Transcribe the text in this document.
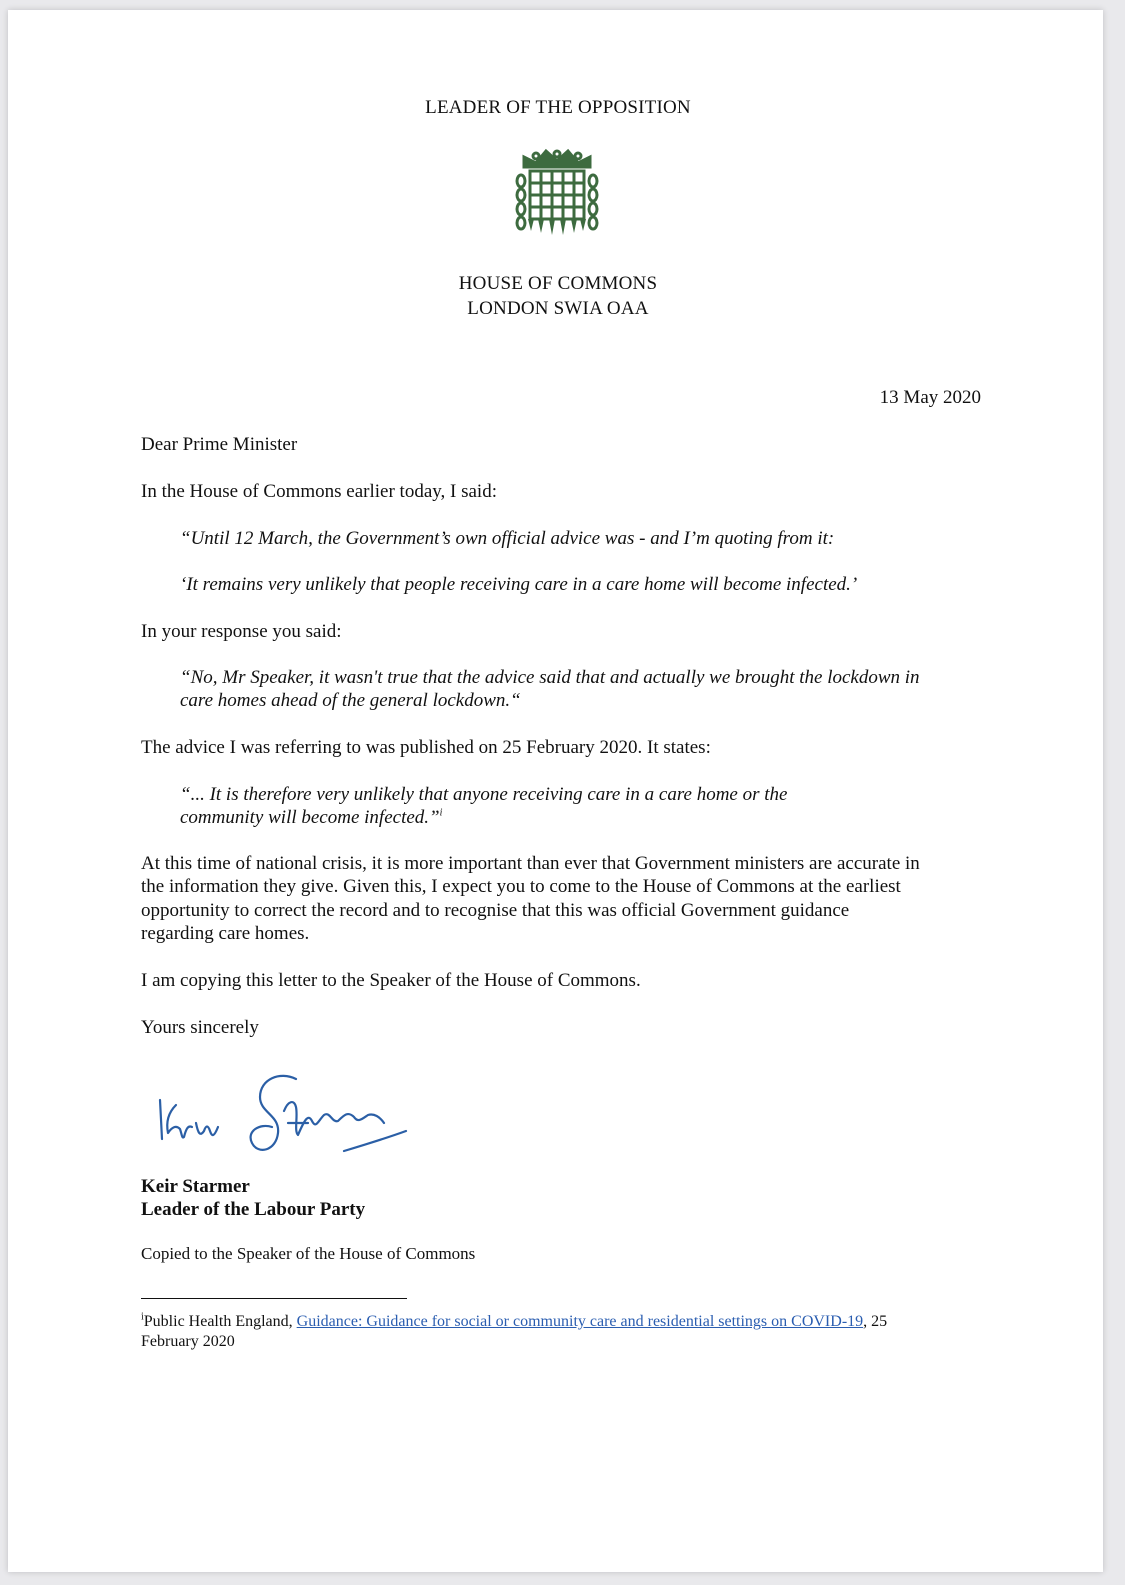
LEADER OF THE OPPOSITION
HOUSE OF COMMONS
LONDON SWIA OAA
13 May 2020
Dear Prime Minister
In the House of Commons earlier today, I said:
“Until 12 March, the Government’s own official advice was - and I’m quoting from it:
‘It remains very unlikely that people receiving care in a care home will become infected.’
In your response you said:
“No, Mr Speaker, it wasn't true that the advice said that and actually we brought the lockdown in
care homes ahead of the general lockdown.“
The advice I was referring to was published on 25 February 2020. It states:
“... It is therefore very unlikely that anyone receiving care in a care home or the
community will become infected.”$^i$
At this time of national crisis, it is more important than ever that Government ministers are accurate in
the information they give. Given this, I expect you to come to the House of Commons at the earliest
opportunity to correct the record and to recognise that this was official Government guidance
regarding care homes.
I am copying this letter to the Speaker of the House of Commons.
Yours sincerely
Keir Starmer
Leader of the Labour Party
Copied to the Speaker of the House of Commons
$^i$Public Health England, Guidance: Guidance for social or community care and residential settings on COVID-19, 25
February 2020
